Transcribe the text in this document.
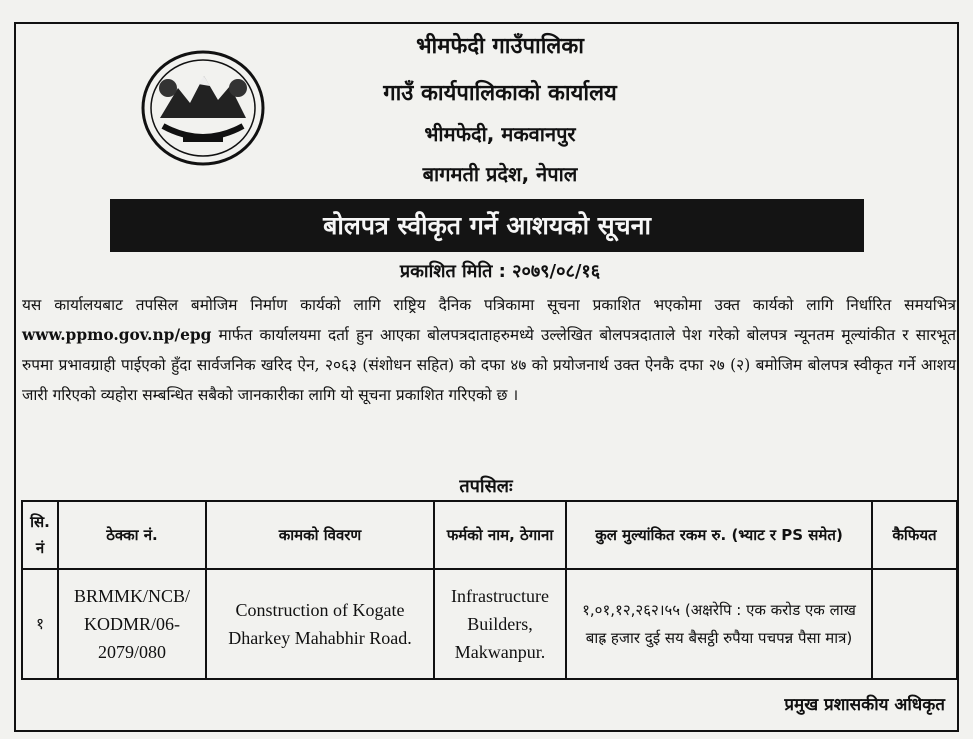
भीमफेदी गाउँपालिका
गाउँ कार्यपालिकाको कार्यालय
भीमफेदी, मकवानपुर
बागमती प्रदेश, नेपाल
बोलपत्र स्वीकृत गर्ने आशयको सूचना
प्रकाशित मिति : २०७९/०८/१६
यस कार्यालयबाट तपसिल बमोजिम निर्माण कार्यको लागि राष्ट्रिय दैनिक पत्रिकामा सूचना प्रकाशित भएकोमा उक्त कार्यको लागि निर्धारित समयभित्र www.ppmo.gov.np/epg मार्फत कार्यालयमा दर्ता हुन आएका बोलपत्रदाताहरुमध्ये उल्लेखित बोलपत्रदाताले पेश गरेको बोलपत्र न्यूनतम मूल्यांकीत र सारभूत रुपमा प्रभावग्राही पाईएको हुँदा सार्वजनिक खरिद ऐन, २०६३ (संशोधन सहित) को दफा ४७ को प्रयोजनार्थ उक्त ऐनकै दफा २७ (२) बमोजिम बोलपत्र स्वीकृत गर्ने आशय जारी गरिएको व्यहोरा सम्बन्धित सबैको जानकारीका लागि यो सूचना प्रकाशित गरिएको छ ।
तपसिलः
सि. नं	ठेक्का नं.	कामको विवरण	फर्मको नाम, ठेगाना	कुल मुल्यांकित रकम रु. (भ्याट र PS समेत)	कैफियत
१	BRMMK/NCB/ KODMR/06- 2079/080	Construction of Kogate Dharkey Mahabhir Road.	Infrastructure Builders, Makwanpur.	१,०१,१२,२६२।५५ (अक्षरेपि : एक करोड एक लाख बाह्र हजार दुई सय बैसट्ठी रुपैया पचपन्न पैसा मात्र)	
प्रमुख प्रशासकीय अधिकृत
